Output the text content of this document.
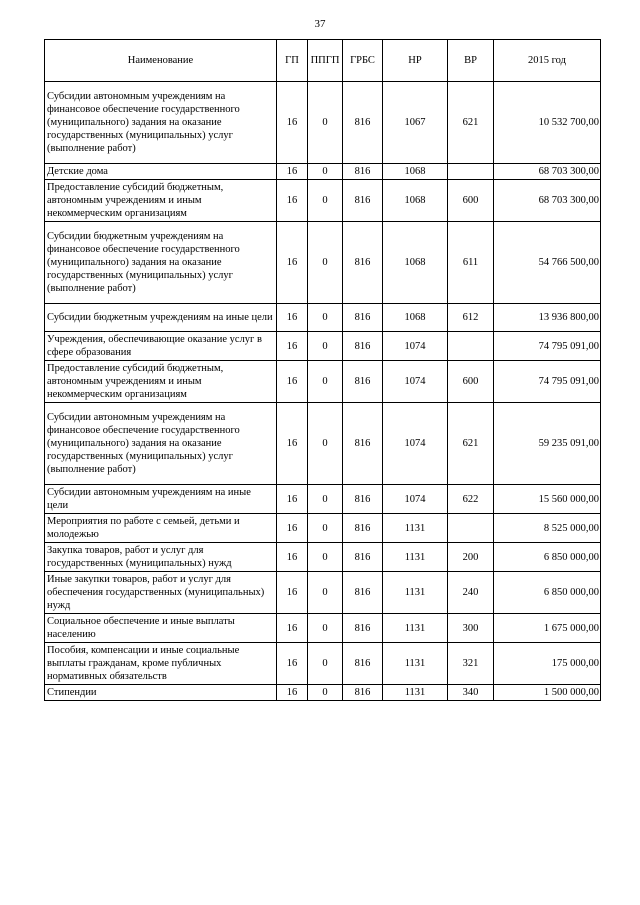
37
Наименование	ГП	ППГП	ГРБС	НР	ВР	2015 год
Субсидии автономным учреждениям на финансовое обеспечение государственного (муниципального) задания на оказание государственных (муниципальных) услуг (выполнение работ)	16	0	816	1067	621	10 532 700,00
Детские дома	16	0	816	1068		68 703 300,00
Предоставление субсидий бюджетным, автономным учреждениям и иным некоммерческим организациям	16	0	816	1068	600	68 703 300,00
Субсидии бюджетным учреждениям на финансовое обеспечение государственного (муниципального) задания на оказание государственных (муниципальных) услуг (выполнение работ)	16	0	816	1068	611	54 766 500,00
Субсидии бюджетным учреждениям на иные цели	16	0	816	1068	612	13 936 800,00
Учреждения, обеспечивающие оказание услуг в сфере образования	16	0	816	1074		74 795 091,00
Предоставление субсидий бюджетным, автономным учреждениям и иным некоммерческим организациям	16	0	816	1074	600	74 795 091,00
Субсидии автономным учреждениям на финансовое обеспечение государственного (муниципального) задания на оказание государственных (муниципальных) услуг (выполнение работ)	16	0	816	1074	621	59 235 091,00
Субсидии автономным учреждениям на иные цели	16	0	816	1074	622	15 560 000,00
Мероприятия по работе с семьей, детьми и молодежью	16	0	816	1131		8 525 000,00
Закупка товаров, работ и услуг для государственных (муниципальных) нужд	16	0	816	1131	200	6 850 000,00
Иные закупки товаров, работ и услуг для обеспечения государственных (муниципальных) нужд	16	0	816	1131	240	6 850 000,00
Социальное обеспечение и иные выплаты населению	16	0	816	1131	300	1 675 000,00
Пособия, компенсации и иные социальные выплаты гражданам, кроме публичных нормативных обязательств	16	0	816	1131	321	175 000,00
Стипендии	16	0	816	1131	340	1 500 000,00
